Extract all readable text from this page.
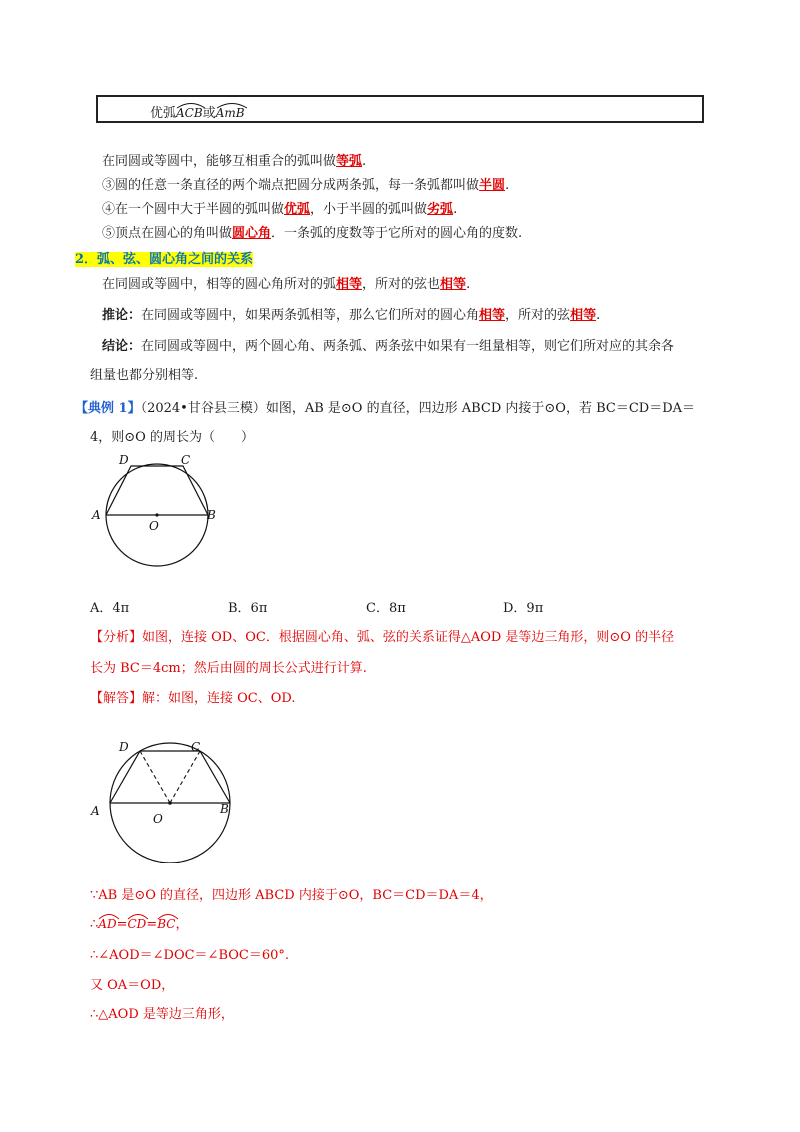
优弧
ACB或
AmB
在同圆或等圆中，能够互相重合的弧叫做等弧.
③圆的任意一条直径的两个端点把圆分成两条弧，每一条弧都叫做半圆.
④在一个圆中大于半圆的弧叫做优弧，小于半圆的弧叫做劣弧.
⑤顶点在圆心的角叫做圆心角．一条弧的度数等于它所对的圆心角的度数.
2．弧、弦、圆心角之间的关系
在同圆或等圆中，相等的圆心角所对的弧相等，所对的弦也相等.
推论：在同圆或等圆中，如果两条弧相等，那么它们所对的圆心角相等，所对的弦相等.
结论：在同圆或等圆中，两个圆心角、两条弧、两条弦中如果有一组量相等，则它们所对应的其余各
组量也都分别相等.
【典例 1】（2024•甘谷县三模）如图，AB 是⊙O 的直径，四边形 ABCD 内接于⊙O，若 BC＝CD＝DA＝
4，则⊙O 的周长为（　　）
D	C
A	B
O
A．4π	B．6π	C．8π	D．9π
【分析】如图，连接 OD、OC．根据圆心角、弧、弦的关系证得△AOD 是等边三角形，则⊙O 的半径
长为 BC＝4cm；然后由圆的周长公式进行计算.
【解答】解：如图，连接 OC、OD.
D	C
A	B
O
∵AB 是⊙O 的直径，四边形 ABCD 内接于⊙O，BC＝CD＝DA＝4，
∴
AD=
CD=
BC，
∴∠AOD＝∠DOC＝∠BOC＝60°.
又 OA＝OD，
∴△AOD 是等边三角形，
